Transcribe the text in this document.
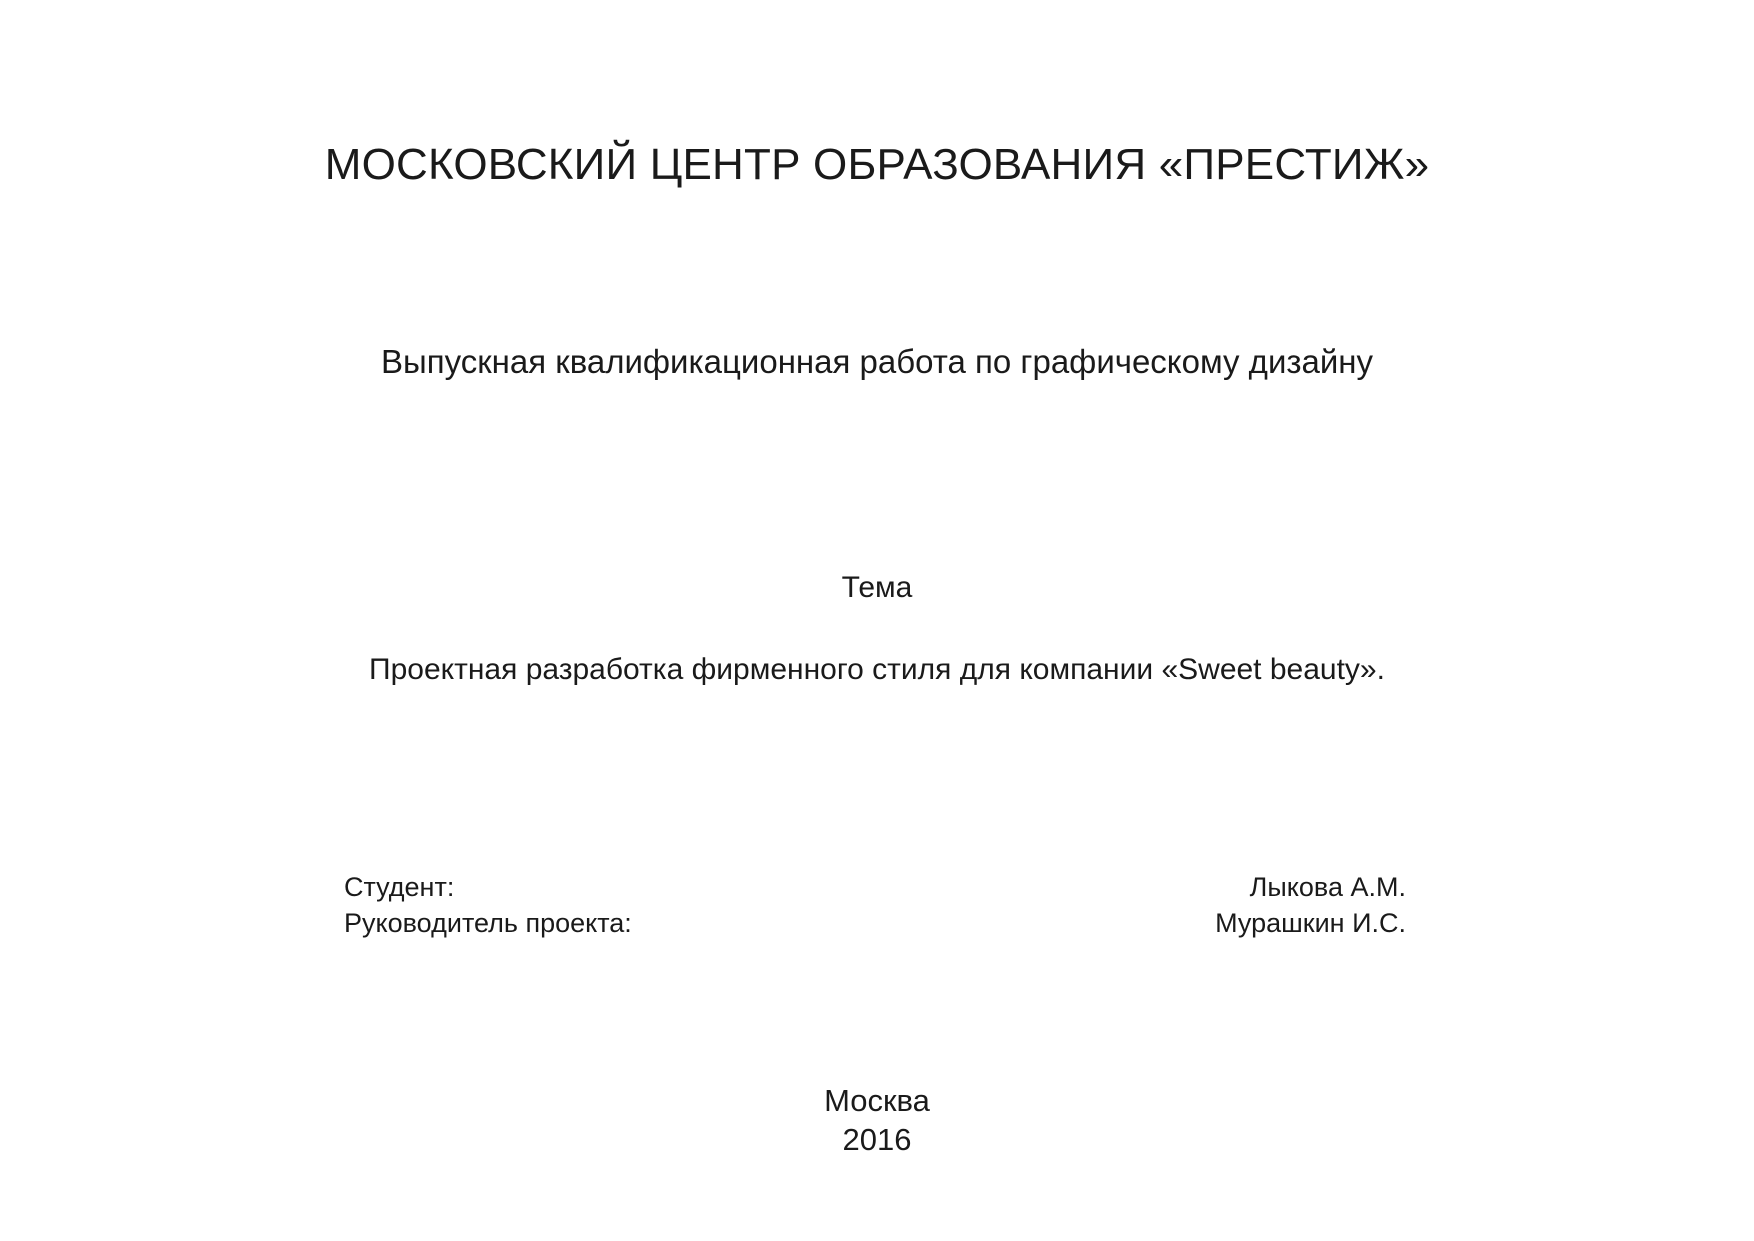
МОСКОВСКИЙ ЦЕНТР ОБРАЗОВАНИЯ «ПРЕСТИЖ»
Выпускная квалификационная работа по графическому дизайну
Тема
Проектная разработка фирменного стиля для компании «Sweet beauty».
Студент:	Лыкова А.М.
Руководитель проекта:	Мурашкин И.С.
Москва
2016
